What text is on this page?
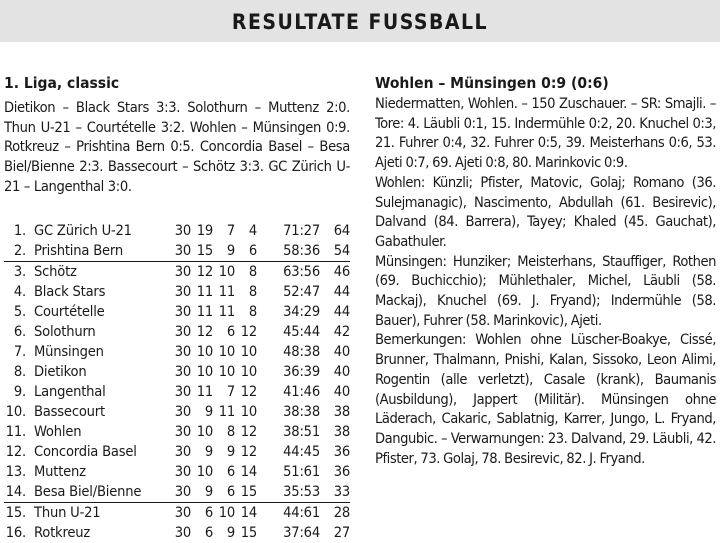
RESULTATE FUSSBALL
1. Liga, classic
Dietikon – Black Stars 3:3. Solothurn – Muttenz 2:0. Thun U-21 – Courtételle 3:2. Wohlen – Münsingen 0:9. Rotkreuz – Prishtina Bern 0:5. Concordia Basel – Besa Biel/Bienne 2:3. Bassecourt – Schötz 3:3. GC Zürich U-21 – Langenthal 3:0.
1.	GC Zürich U-21	30	19	7	4	71:27	64
2.	Prishtina Bern	30	15	9	6	58:36	54
3.	Schötz	30	12	10	8	63:56	46
4.	Black Stars	30	11	11	8	52:47	44
5.	Courtételle	30	11	11	8	34:29	44
6.	Solothurn	30	12	6	12	45:44	42
7.	Münsingen	30	10	10	10	48:38	40
8.	Dietikon	30	10	10	10	36:39	40
9.	Langenthal	30	11	7	12	41:46	40
10.	Bassecourt	30	9	11	10	38:38	38
11.	Wohlen	30	10	8	12	38:51	38
12.	Concordia Basel	30	9	9	12	44:45	36
13.	Muttenz	30	10	6	14	51:61	36
14.	Besa Biel/Bienne	30	9	6	15	35:53	33
15.	Thun U-21	30	6	10	14	44:61	28
16.	Rotkreuz	30	6	9	15	37:64	27
Wohlen – Münsingen 0:9 (0:6)
Niedermatten, Wohlen. – 150 Zuschauer. – SR: Smajli. – Tore: 4. Läubli 0:1, 15. Indermühle 0:2, 20. Knuchel 0:3, 21. Fuhrer 0:4, 32. Fuhrer 0:5, 39. Meisterhans 0:6, 53. Ajeti 0:7, 69. Ajeti 0:8, 80. Marinkovic 0:9.
Wohlen: Künzli; Pfister, Matovic, Golaj; Romano (36. Sulejmanagic), Nascimento, Abdullah (61. Besirevic), Dalvand (84. Barrera), Tayey; Khaled (45. Gauchat), Gabathuler.
Münsingen: Hunziker; Meisterhans, Stauffiger, Rothen (69. Buchicchio); Mühlethaler, Michel, Läubli (58. Mackaj), Knuchel (69. J. Fryand); Indermühle (58. Bauer), Fuhrer (58. Marinkovic), Ajeti.
Bemerkungen: Wohlen ohne Lüscher-Boakye, Cissé, Brunner, Thalmann, Pnishi, Kalan, Sissoko, Leon Alimi, Rogentin (alle verletzt), Casale (krank), Baumanis (Ausbildung), Jappert (Militär). Münsingen ohne Läderach, Cakaric, Sablatnig, Karrer, Jungo, L. Fryand, Dangubic. – Verwarnungen: 23. Dalvand, 29. Läubli, 42. Pfister, 73. Golaj, 78. Besirevic, 82. J. Fryand.
